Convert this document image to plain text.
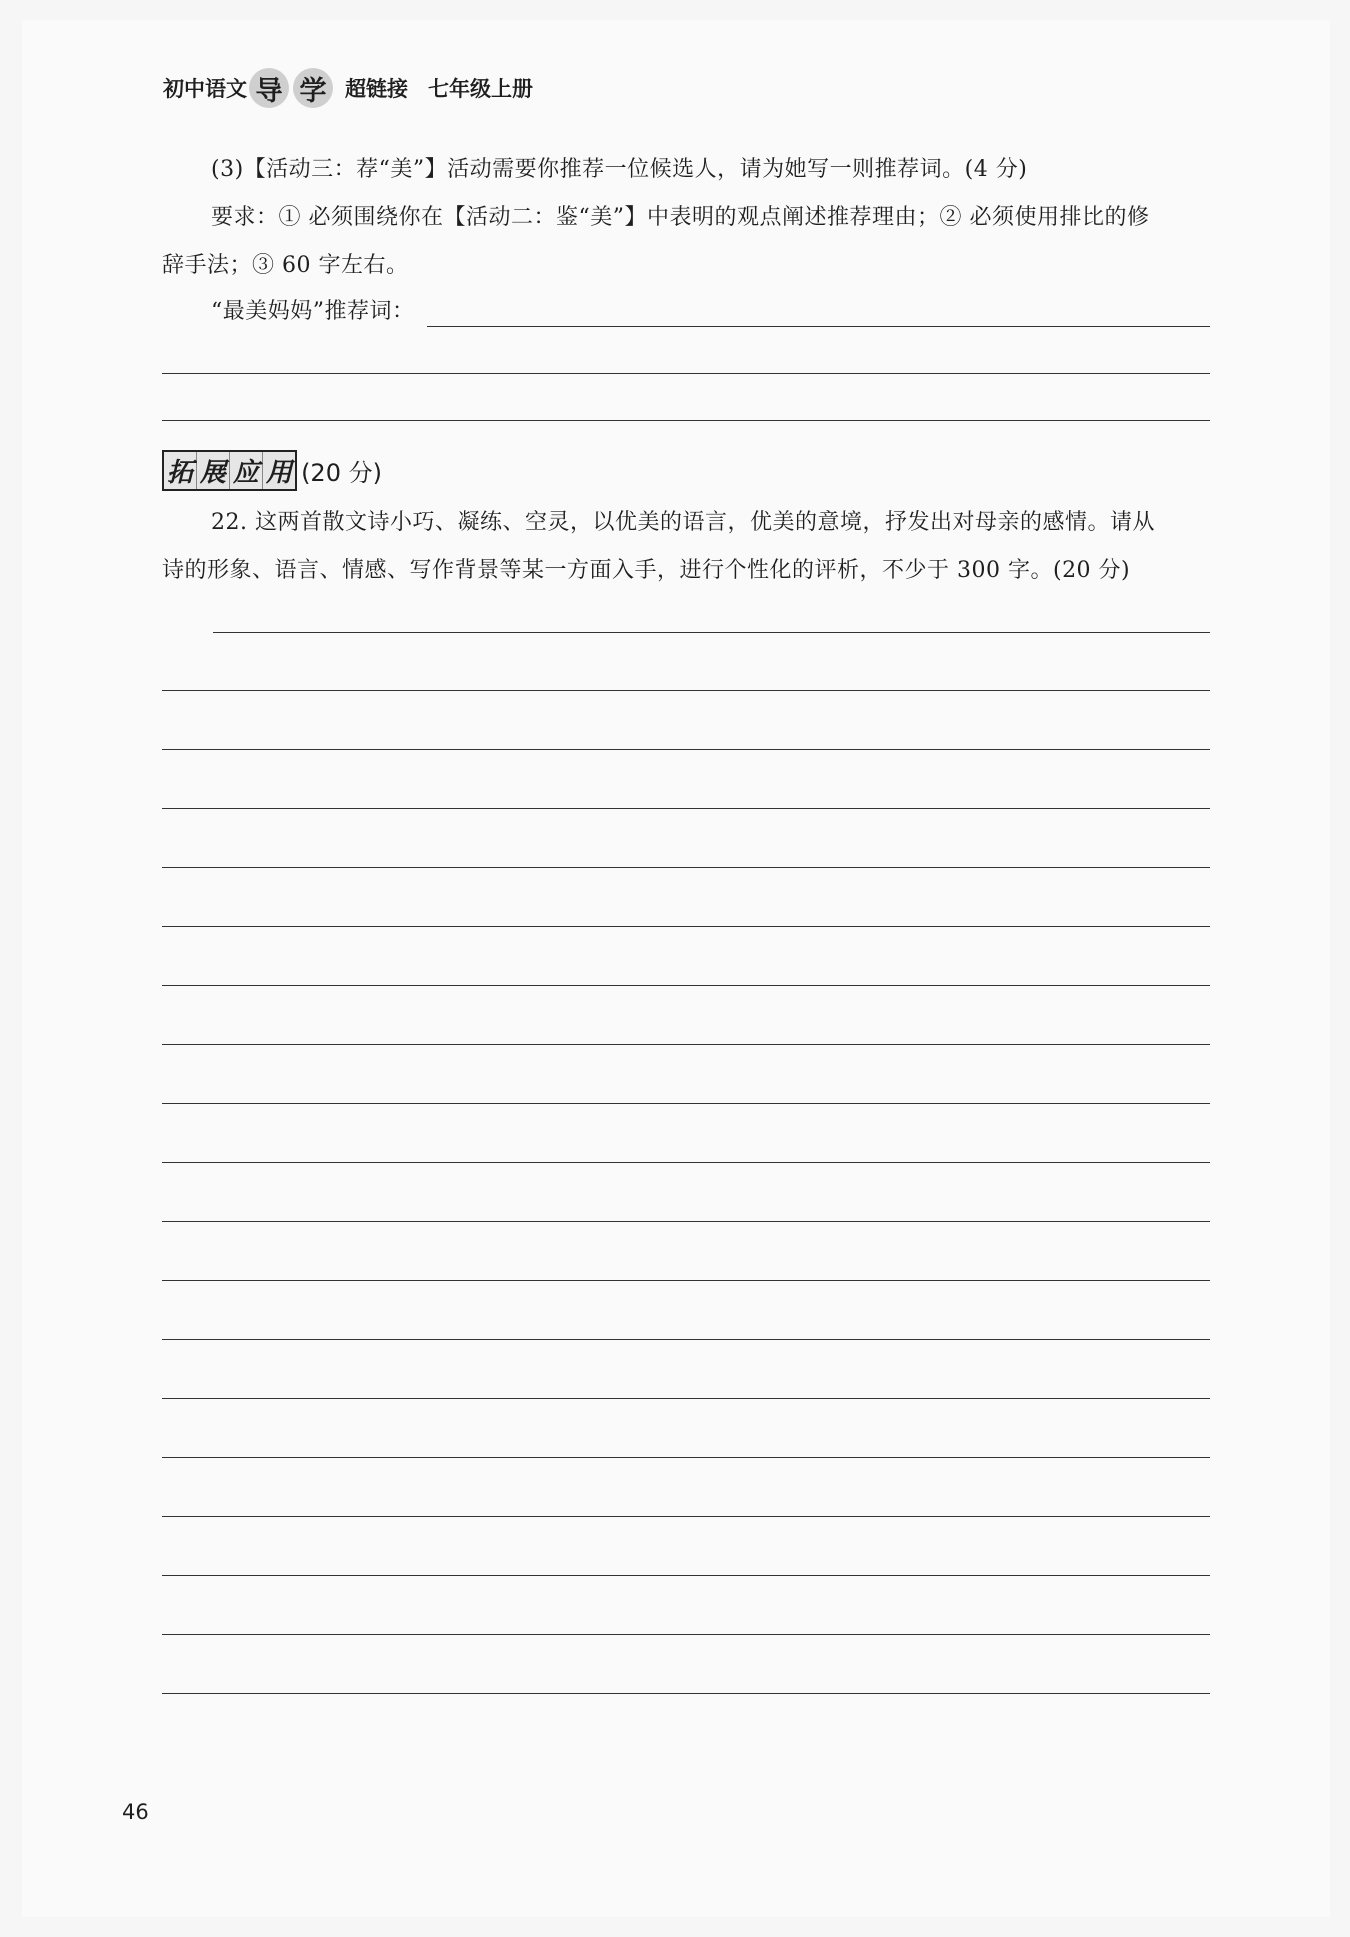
初中语文 导 学 超链接 七年级上册
(3)【活动三：荐“美”】活动需要你推荐一位候选人，请为她写一则推荐词。(4 分)
要求：① 必须围绕你在【活动二：鉴“美”】中表明的观点阐述推荐理由；② 必须使用排比的修
辞手法；③ 60 字左右。
“最美妈妈”推荐词：
拓 展 应 用 (20 分)
22. 这两首散文诗小巧、凝练、空灵，以优美的语言，优美的意境，抒发出对母亲的感情。请从
诗的形象、语言、情感、写作背景等某一方面入手，进行个性化的评析，不少于 300 字。(20 分)
46
